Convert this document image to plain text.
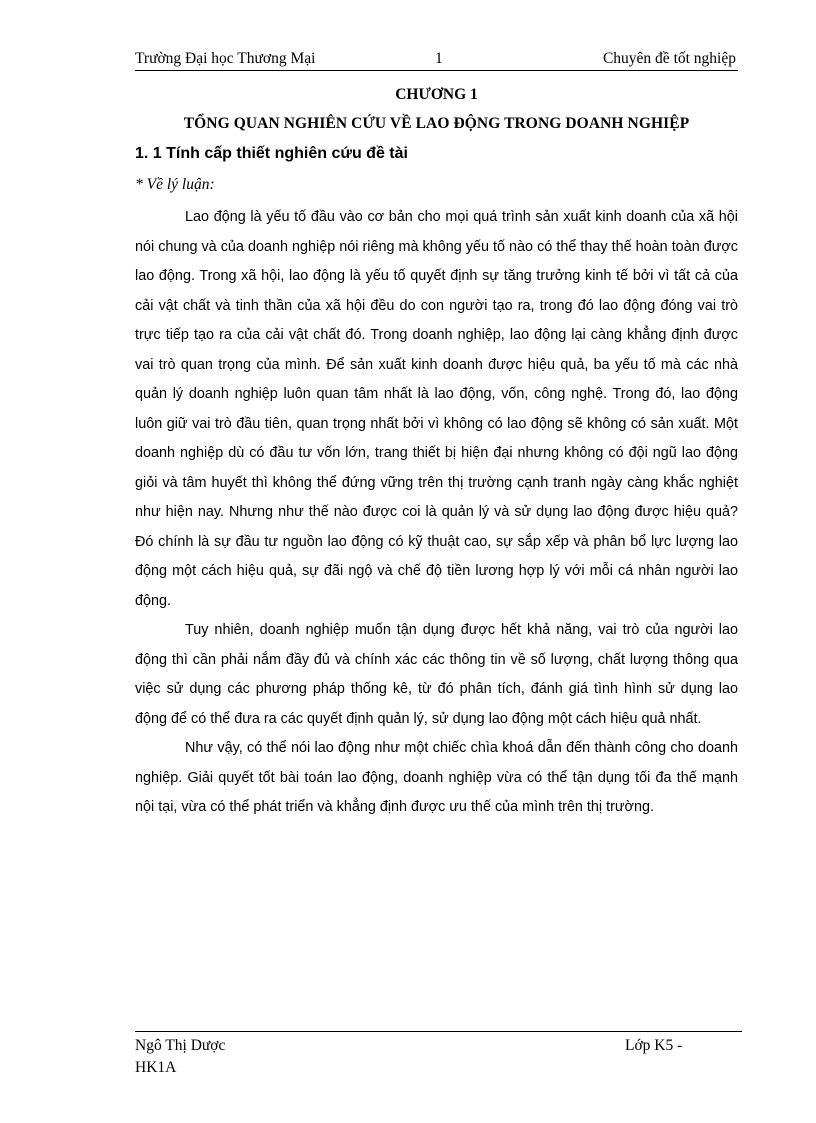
Trường Đại học Thương Mại	1	Chuyên đề tốt nghiệp
CHƯƠNG 1
TỔNG QUAN NGHIÊN CỨU VỀ LAO ĐỘNG TRONG DOANH NGHIỆP
1. 1 Tính cấp thiết nghiên cứu đề tài
* Về lý luận:

Lao động là yếu tố đầu vào cơ bản cho mọi quá trình sản xuất kinh doanh của xã hội nói chung và của doanh nghiệp nói riêng mà không yếu tố nào có thể thay thế hoàn toàn được lao động. Trong xã hội, lao động là yếu tố quyết định sự tăng trưởng kinh tế bởi vì tất cả của cải vật chất và tinh thần của xã hội đều do con người tạo ra, trong đó lao động đóng vai trò trực tiếp tạo ra của cải vật chất đó. Trong doanh nghiệp, lao động lại càng khẳng định được vai trò quan trọng của mình. Để sản xuất kinh doanh được hiệu quả, ba yếu tố mà các nhà quản lý doanh nghiệp luôn quan tâm nhất là lao động, vốn, công nghệ. Trong đó, lao động luôn giữ vai trò đầu tiên, quan trọng nhất bởi vì không có lao động sẽ không có sản xuất. Một doanh nghiệp dù có đầu tư vốn lớn, trang thiết bị hiện đại nhưng không có đội ngũ lao động giỏi và tâm huyết thì không thể đứng vững trên thị trường cạnh tranh ngày càng khắc nghiệt như hiện nay. Nhưng như thế nào được coi là quản lý và sử dụng lao động được hiệu quả? Đó chính là sự đầu tư nguồn lao động có kỹ thuật cao, sự sắp xếp và phân bổ lực lượng lao động một cách hiệu quả, sự đãi ngộ và chế độ tiền lương hợp lý với mỗi cá nhân người lao động.

Tuy nhiên, doanh nghiệp muốn tận dụng được hết khả năng, vai trò của người lao động thì cần phải nắm đầy đủ và chính xác các thông tin về số lượng, chất lượng thông qua việc sử dụng các phương pháp thống kê, từ đó phân tích, đánh giá tình hình sử dụng lao động để có thể đưa ra các quyết định quản lý, sử dụng lao động một cách hiệu quả nhất.

Như vậy, có thể nói lao động như một chiếc chìa khoá dẫn đến thành công cho doanh nghiệp. Giải quyết tốt bài toán lao động, doanh nghiệp vừa có thể tận dụng tối đa thế mạnh nội tại, vừa có thể phát triển và khẳng định được ưu thế của mình trên thị trường.

Ngô Thị Dược	Lớp K5 -
HK1A
